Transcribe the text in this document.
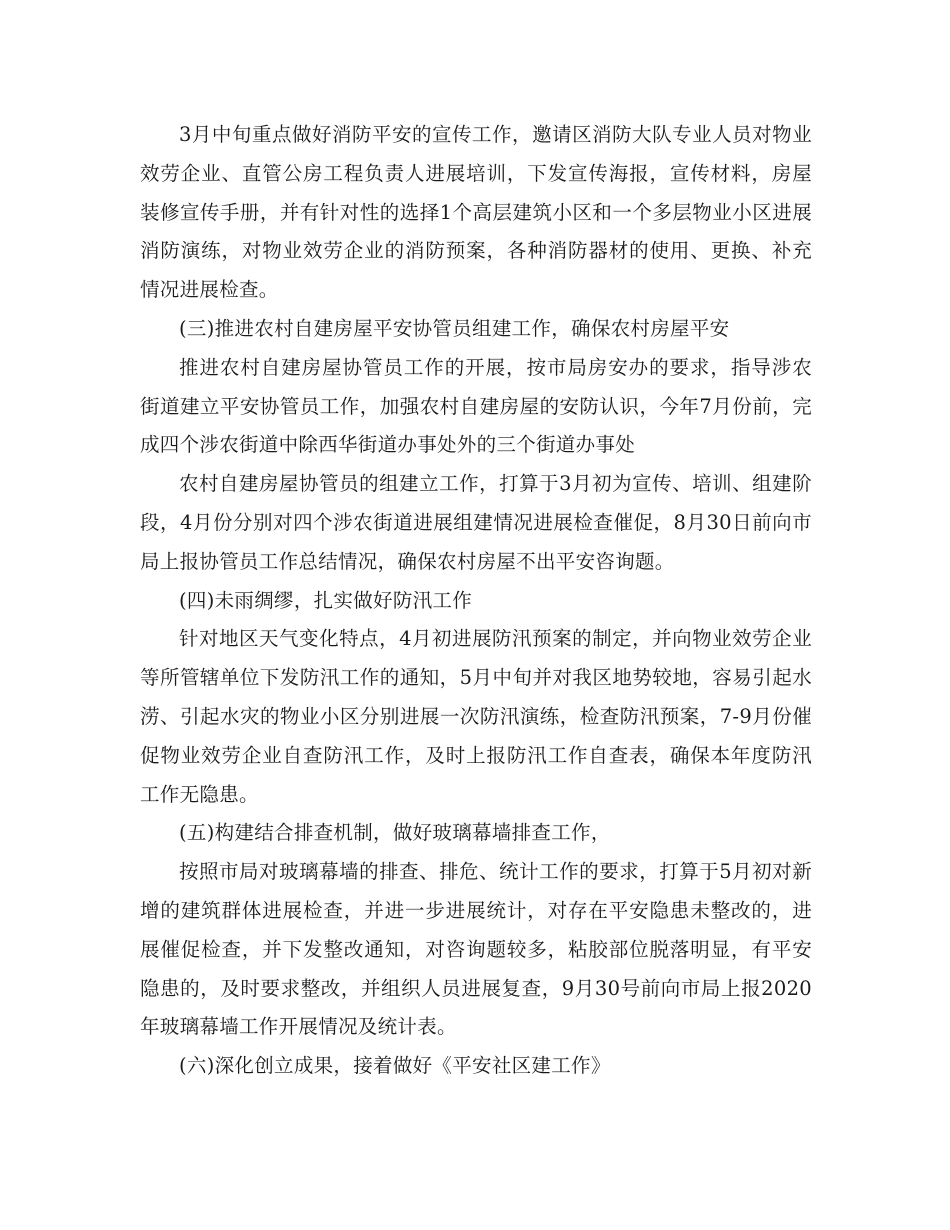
3月中旬重点做好消防平安的宣传工作，邀请区消防大队专业人员对物业效劳企业、直管公房工程负责人进展培训，下发宣传海报，宣传材料，房屋装修宣传手册，并有针对性的选择1个高层建筑小区和一个多层物业小区进展消防演练，对物业效劳企业的消防预案，各种消防器材的使用、更换、补充情况进展检查。

(三)推进农村自建房屋平安协管员组建工作，确保农村房屋平安

推进农村自建房屋协管员工作的开展，按市局房安办的要求，指导涉农街道建立平安协管员工作，加强农村自建房屋的安防认识，今年7月份前，完成四个涉农街道中除西华街道办事处外的三个街道办事处

农村自建房屋协管员的组建立工作，打算于3月初为宣传、培训、组建阶段，4月份分别对四个涉农街道进展组建情况进展检查催促，8月30日前向市局上报协管员工作总结情况，确保农村房屋不出平安咨询题。

(四)未雨绸缪，扎实做好防汛工作

针对地区天气变化特点，4月初进展防汛预案的制定，并向物业效劳企业等所管辖单位下发防汛工作的通知，5月中旬并对我区地势较地，容易引起水涝、引起水灾的物业小区分别进展一次防汛演练，检查防汛预案，7-9月份催促物业效劳企业自查防汛工作，及时上报防汛工作自查表，确保本年度防汛工作无隐患。

(五)构建结合排查机制，做好玻璃幕墙排查工作，

按照市局对玻璃幕墙的排查、排危、统计工作的要求，打算于5月初对新增的建筑群体进展检查，并进一步进展统计，对存在平安隐患未整改的，进展催促检查，并下发整改通知，对咨询题较多，粘胶部位脱落明显，有平安隐患的，及时要求整改，并组织人员进展复查，9月30号前向市局上报2020年玻璃幕墙工作开展情况及统计表。

(六)深化创立成果，接着做好《平安社区建工作》
